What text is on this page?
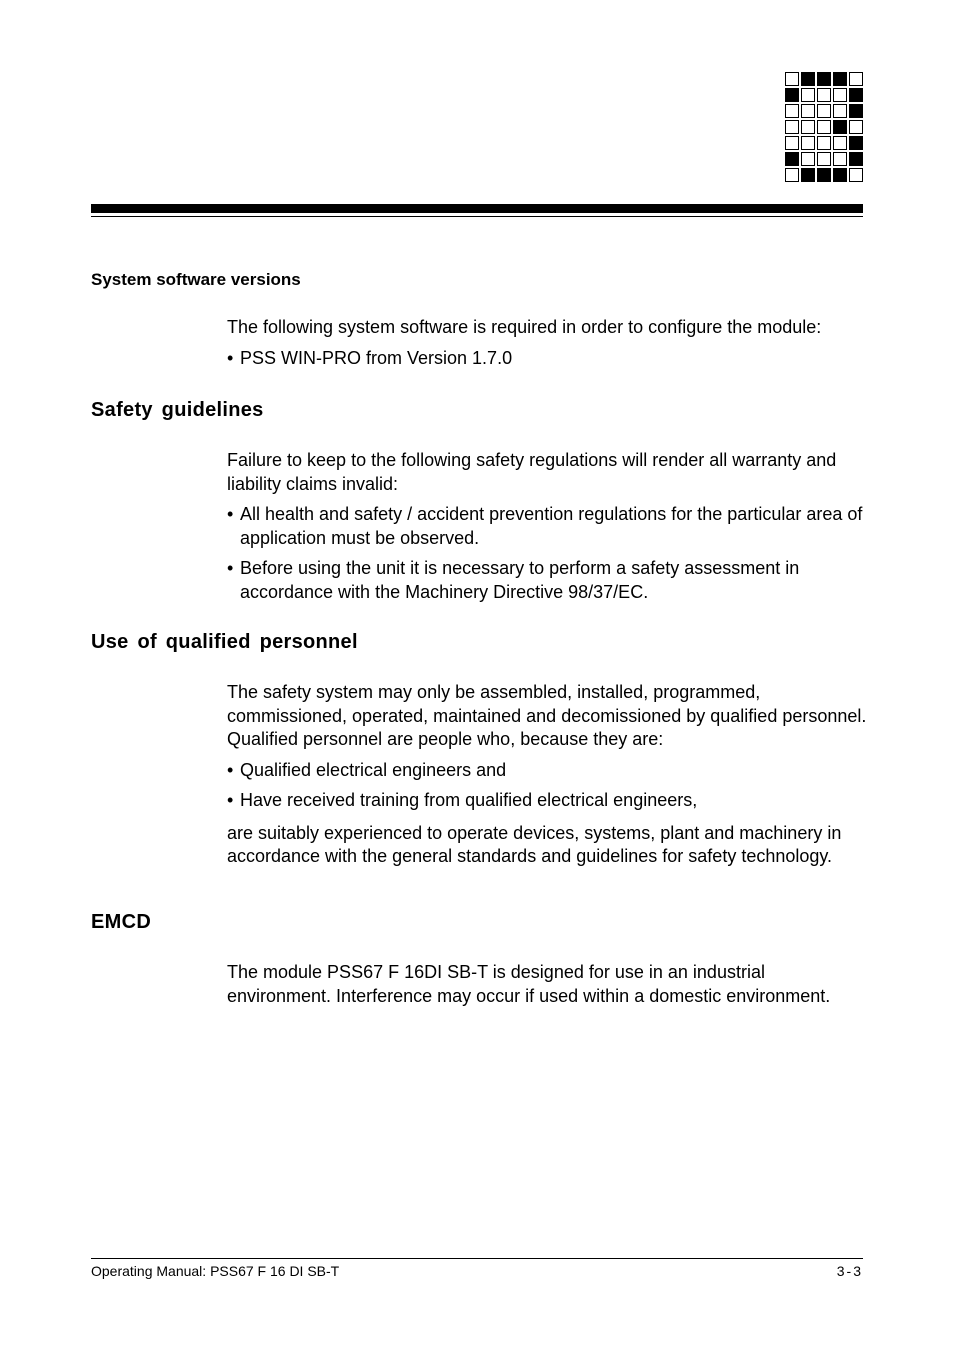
System software versions

The following system software is required in order to configure the module:

• PSS WIN-PRO from Version 1.7.0
Safety guidelines

Failure to keep to the following safety regulations will render all warranty and liability claims invalid:

• All health and safety / accident prevention regulations for the particular area of application must be observed.
• Before using the unit it is necessary to perform a safety assessment in accordance with the Machinery Directive 98/37/EC.
Use of qualified personnel

The safety system may only be assembled, installed, programmed, commissioned, operated, maintained and decomissioned by qualified personnel. Qualified personnel are people who, because they are:

• Qualified electrical engineers and
• Have received training from qualified electrical engineers,

are suitably experienced to operate devices, systems, plant and machinery in accordance with the general standards and guidelines for safety technology.

EMCD

The module PSS67 F 16DI SB-T is designed for use in an industrial environment. Interference may occur if used within a domestic environment.

Operating Manual: PSS67 F 16 DI SB-T	3-3
